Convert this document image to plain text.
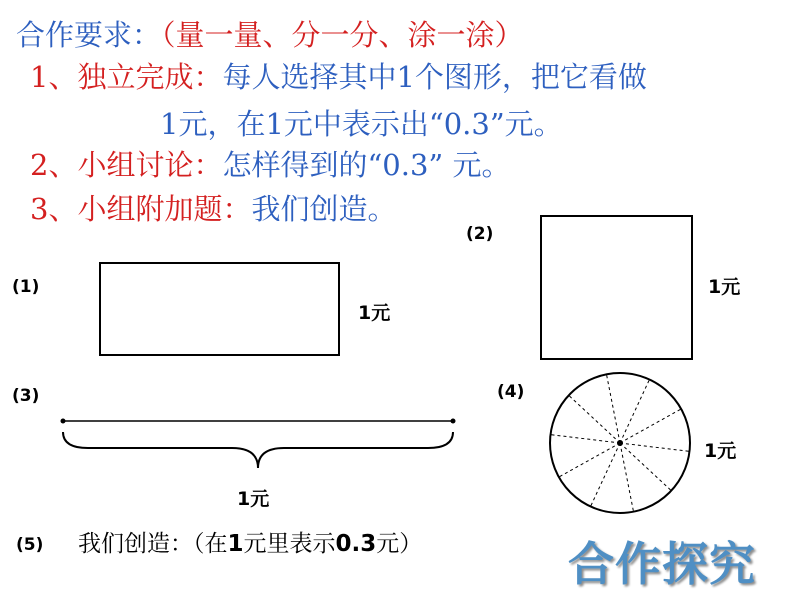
合作要求：（量一量、分一分、涂一涂）
1、独立完成：每人选择其中1个图形，把它看做
1元，在1元中表示出“0.3”元。
2、小组讨论：怎样得到的“0.3” 元。
3、小组附加题：我们创造。
(1)
(2)
(3)	(4)
1元
1元
1元
1元
(5) 我们创造：（在1元里表示0.3元）	合作探究
